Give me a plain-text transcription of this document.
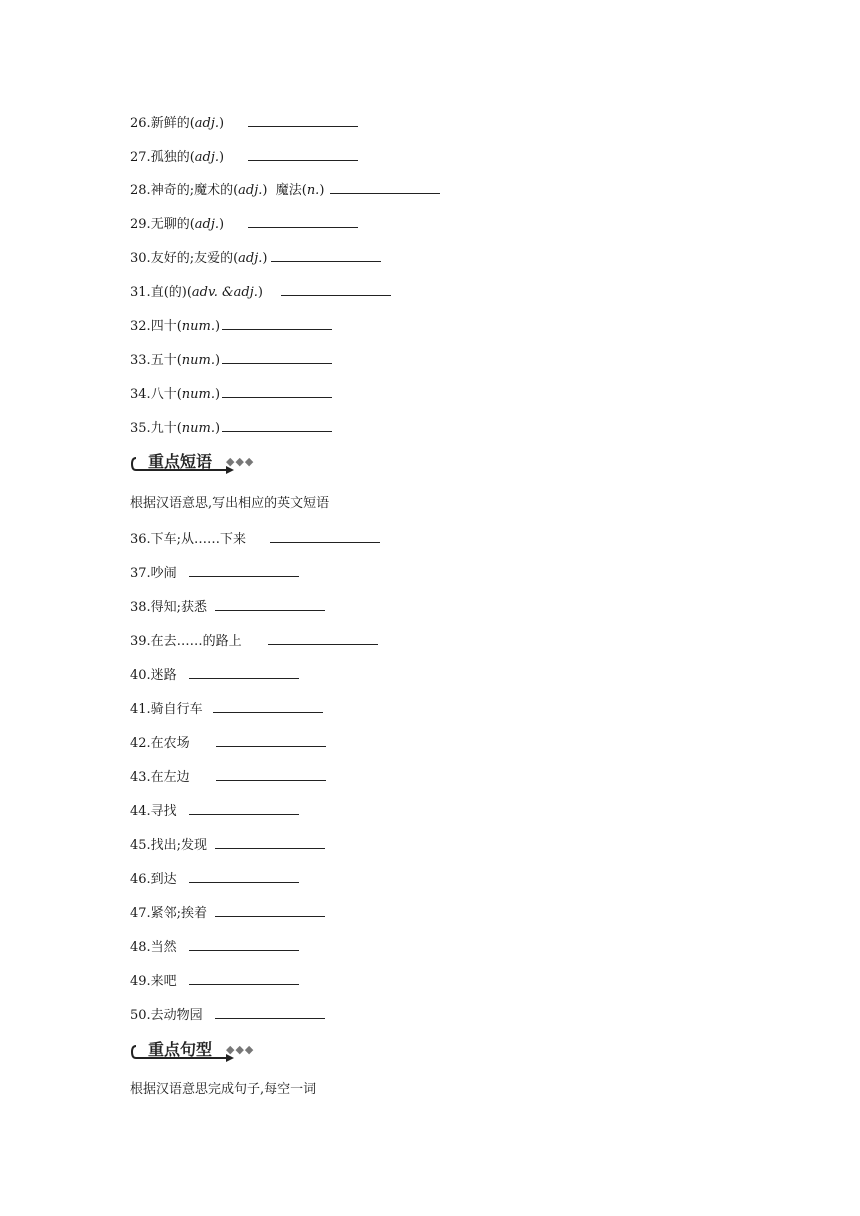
26. 新鲜的( adj. )
27. 孤独的( adj. )
28. 神奇的;魔术的( adj. )  魔法( n. )
29. 无聊的( adj. )
30. 友好的;友爱的( adj. )
31. 直(的)( adv. &adj. )
32. 四十( num. )
33. 五十( num. )
34. 八十( num. )
35. 九十( num. )
重点短语 ◆◆◆
根据汉语意思,写出相应的英文短语
36.下车;从……下来
37.吵闹
38.得知;获悉
39.在去……的路上
40.迷路
41.骑自行车
42.在农场
43.在左边
44.寻找
45.找出;发现
46.到达
47.紧邻;挨着
48.当然
49.来吧
50.去动物园
重点句型 ◆◆◆
根据汉语意思完成句子,每空一词
